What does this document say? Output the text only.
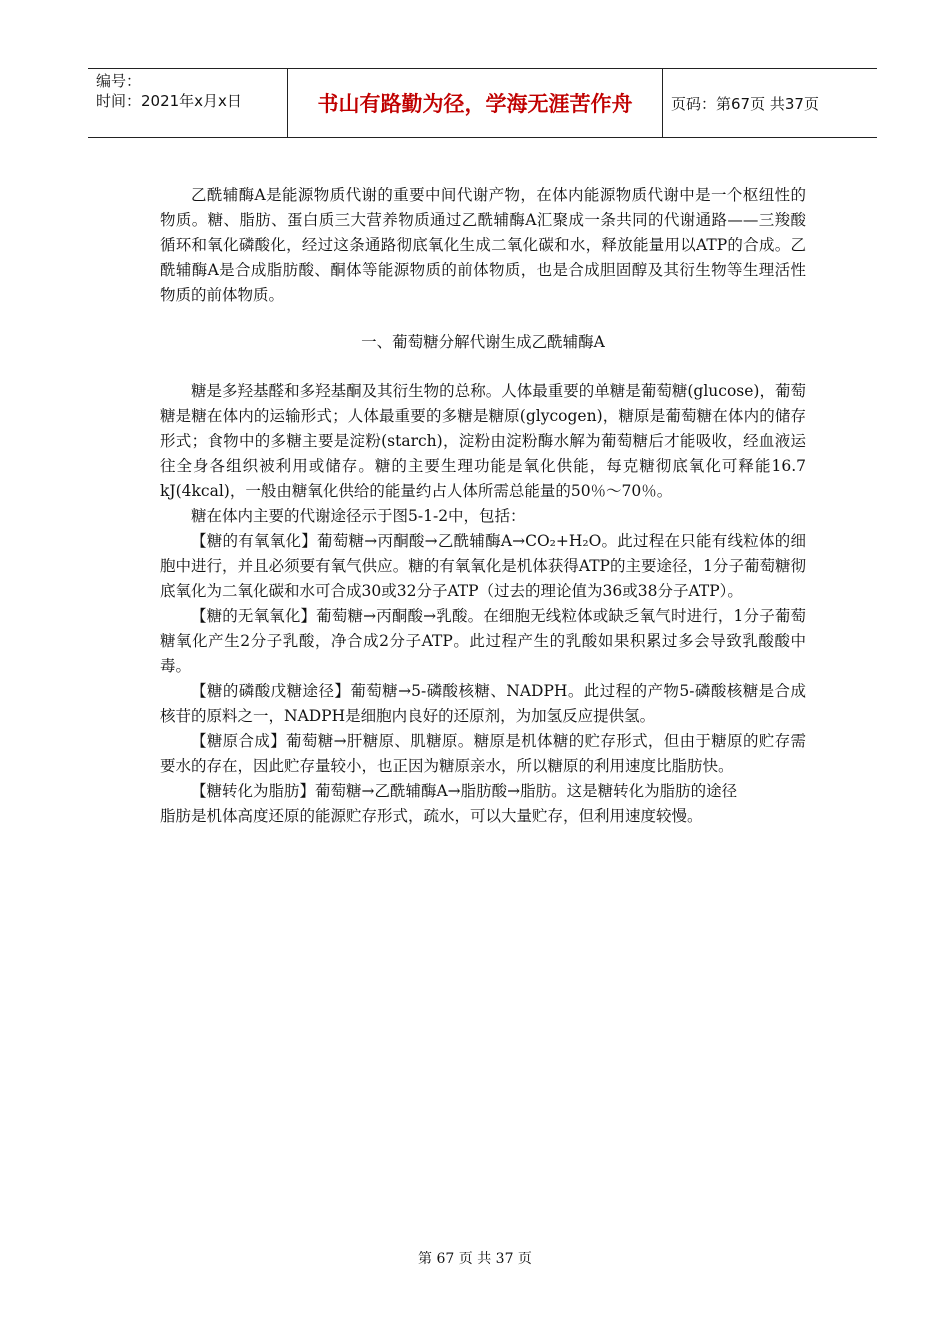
编号：
时间：2021年x月x日	书山有路勤为径，学海无涯苦作舟	页码：第67页 共37页

乙酰辅酶A是能源物质代谢的重要中间代谢产物，在体内能源物质代谢中是一个枢纽性的物质。糖、脂肪、蛋白质三大营养物质通过乙酰辅酶A汇聚成一条共同的代谢通路——三羧酸循环和氧化磷酸化，经过这条通路彻底氧化生成二氧化碳和水，释放能量用以ATP的合成。乙酰辅酶A是合成脂肪酸、酮体等能源物质的前体物质，也是合成胆固醇及其衍生物等生理活性物质的前体物质。

一、葡萄糖分解代谢生成乙酰辅酶A

糖是多羟基醛和多羟基酮及其衍生物的总称。人体最重要的单糖是葡萄糖(glucose)，葡萄糖是糖在体内的运输形式；人体最重要的多糖是糖原(glycogen)，糖原是葡萄糖在体内的储存形式；食物中的多糖主要是淀粉(starch)，淀粉由淀粉酶水解为葡萄糖后才能吸收，经血液运往全身各组织被利用或储存。糖的主要生理功能是氧化供能，每克糖彻底氧化可释能16.7 kJ(4kcal)，一般由糖氧化供给的能量约占人体所需总能量的50％～70％。

糖在体内主要的代谢途径示于图5-1-2中，包括：

【糖的有氧氧化】葡萄糖→丙酮酸→乙酰辅酶A→CO₂+H₂O。此过程在只能有线粒体的细胞中进行，并且必须要有氧气供应。糖的有氧氧化是机体获得ATP的主要途径，1分子葡萄糖彻底氧化为二氧化碳和水可合成30或32分子ATP（过去的理论值为36或38分子ATP）。

【糖的无氧氧化】葡萄糖→丙酮酸→乳酸。在细胞无线粒体或缺乏氧气时进行，1分子葡萄糖氧化产生2分子乳酸，净合成2分子ATP。此过程产生的乳酸如果积累过多会导致乳酸酸中毒。

【糖的磷酸戊糖途径】葡萄糖→5-磷酸核糖、NADPH。此过程的产物5-磷酸核糖是合成核苷的原料之一，NADPH是细胞内良好的还原剂，为加氢反应提供氢。

【糖原合成】葡萄糖→肝糖原、肌糖原。糖原是机体糖的贮存形式，但由于糖原的贮存需要水的存在，因此贮存量较小，也正因为糖原亲水，所以糖原的利用速度比脂肪快。

【糖转化为脂肪】葡萄糖→乙酰辅酶A→脂肪酸→脂肪。这是糖转化为脂肪的途径

脂肪是机体高度还原的能源贮存形式，疏水，可以大量贮存，但利用速度较慢。

第 67 页 共 37 页
